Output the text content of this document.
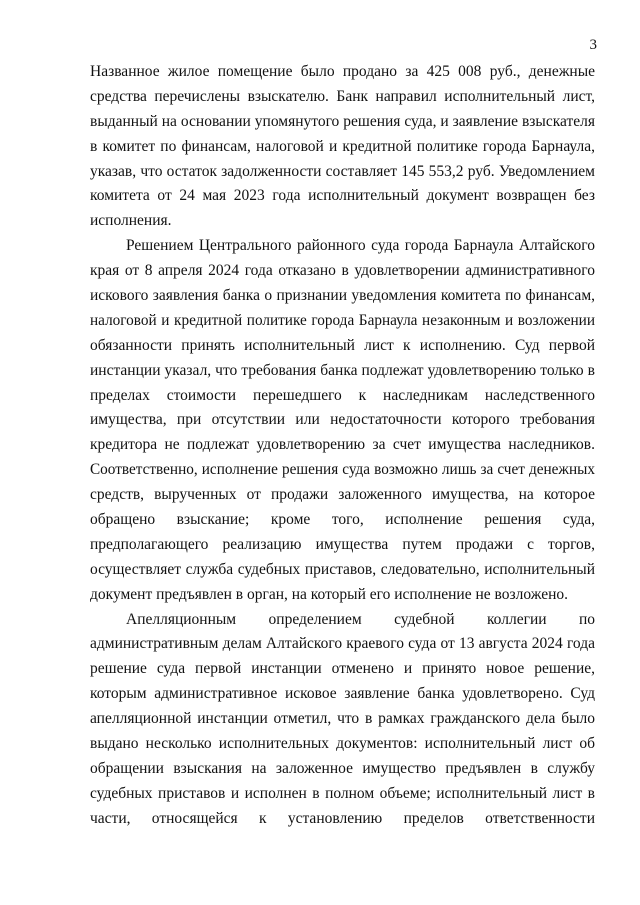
3
Названное жилое помещение было продано за 425 008 руб., денежные
средства перечислены взыскателю. Банк направил исполнительный лист,
выданный на основании упомянутого решения суда, и заявление взыскателя
в комитет по финансам, налоговой и кредитной политике города Барнаула,
указав, что остаток задолженности составляет 145 553,2 руб. Уведомлением
комитета от 24 мая 2023 года исполнительный документ возвращен без
исполнения.
Решением Центрального районного суда города Барнаула Алтайского
края от 8 апреля 2024 года отказано в удовлетворении административного
искового заявления банка о признании уведомления комитета по финансам,
налоговой и кредитной политике города Барнаула незаконным и возложении
обязанности принять исполнительный лист к исполнению. Суд первой
инстанции указал, что требования банка подлежат удовлетворению только в
пределах стоимости перешедшего к наследникам наследственного
имущества, при отсутствии или недостаточности которого требования
кредитора не подлежат удовлетворению за счет имущества наследников.
Соответственно, исполнение решения суда возможно лишь за счет денежных
средств, вырученных от продажи заложенного имущества, на которое
обращено взыскание; кроме того, исполнение решения суда,
предполагающего реализацию имущества путем продажи с торгов,
осуществляет служба судебных приставов, следовательно, исполнительный
документ предъявлен в орган, на который его исполнение не возложено.
Апелляционным определением судебной коллегии по
административным делам Алтайского краевого суда от 13 августа 2024 года
решение суда первой инстанции отменено и принято новое решение,
которым административное исковое заявление банка удовлетворено. Суд
апелляционной инстанции отметил, что в рамках гражданского дела было
выдано несколько исполнительных документов: исполнительный лист об
обращении взыскания на заложенное имущество предъявлен в службу
судебных приставов и исполнен в полном объеме; исполнительный лист в
части, относящейся к установлению пределов ответственности
